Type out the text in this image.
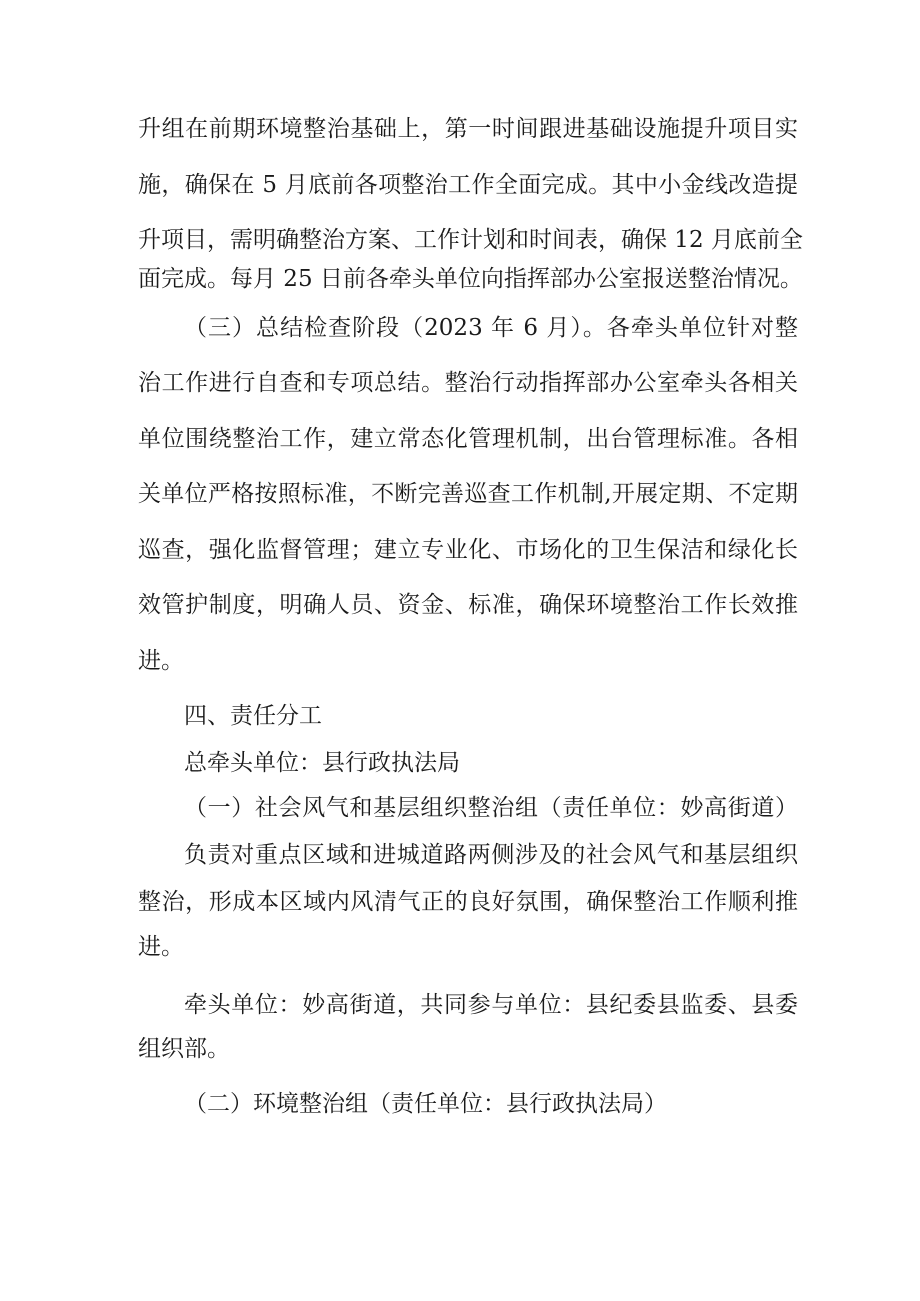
升组在前期环境整治基础上，第一时间跟进基础设施提升项目实
施，确保在 5 月底前各项整治工作全面完成。其中小金线改造提
升项目，需明确整治方案、工作计划和时间表，确保 12 月底前全
面完成。每月 25 日前各牵头单位向指挥部办公室报送整治情况。
（三）总结检查阶段（2023 年 6 月）。各牵头单位针对整
治工作进行自查和专项总结。整治行动指挥部办公室牵头各相关
单位围绕整治工作，建立常态化管理机制，出台管理标准。各相
关单位严格按照标准，不断完善巡查工作机制,开展定期、不定期
巡查，强化监督管理；建立专业化、市场化的卫生保洁和绿化长
效管护制度，明确人员、资金、标准，确保环境整治工作长效推
进。
四、责任分工
总牵头单位：县行政执法局
（一）社会风气和基层组织整治组（责任单位：妙高街道）
负责对重点区域和进城道路两侧涉及的社会风气和基层组织
整治，形成本区域内风清气正的良好氛围，确保整治工作顺利推
进。
牵头单位：妙高街道，共同参与单位：县纪委县监委、县委
组织部。
（二）环境整治组（责任单位：县行政执法局）
